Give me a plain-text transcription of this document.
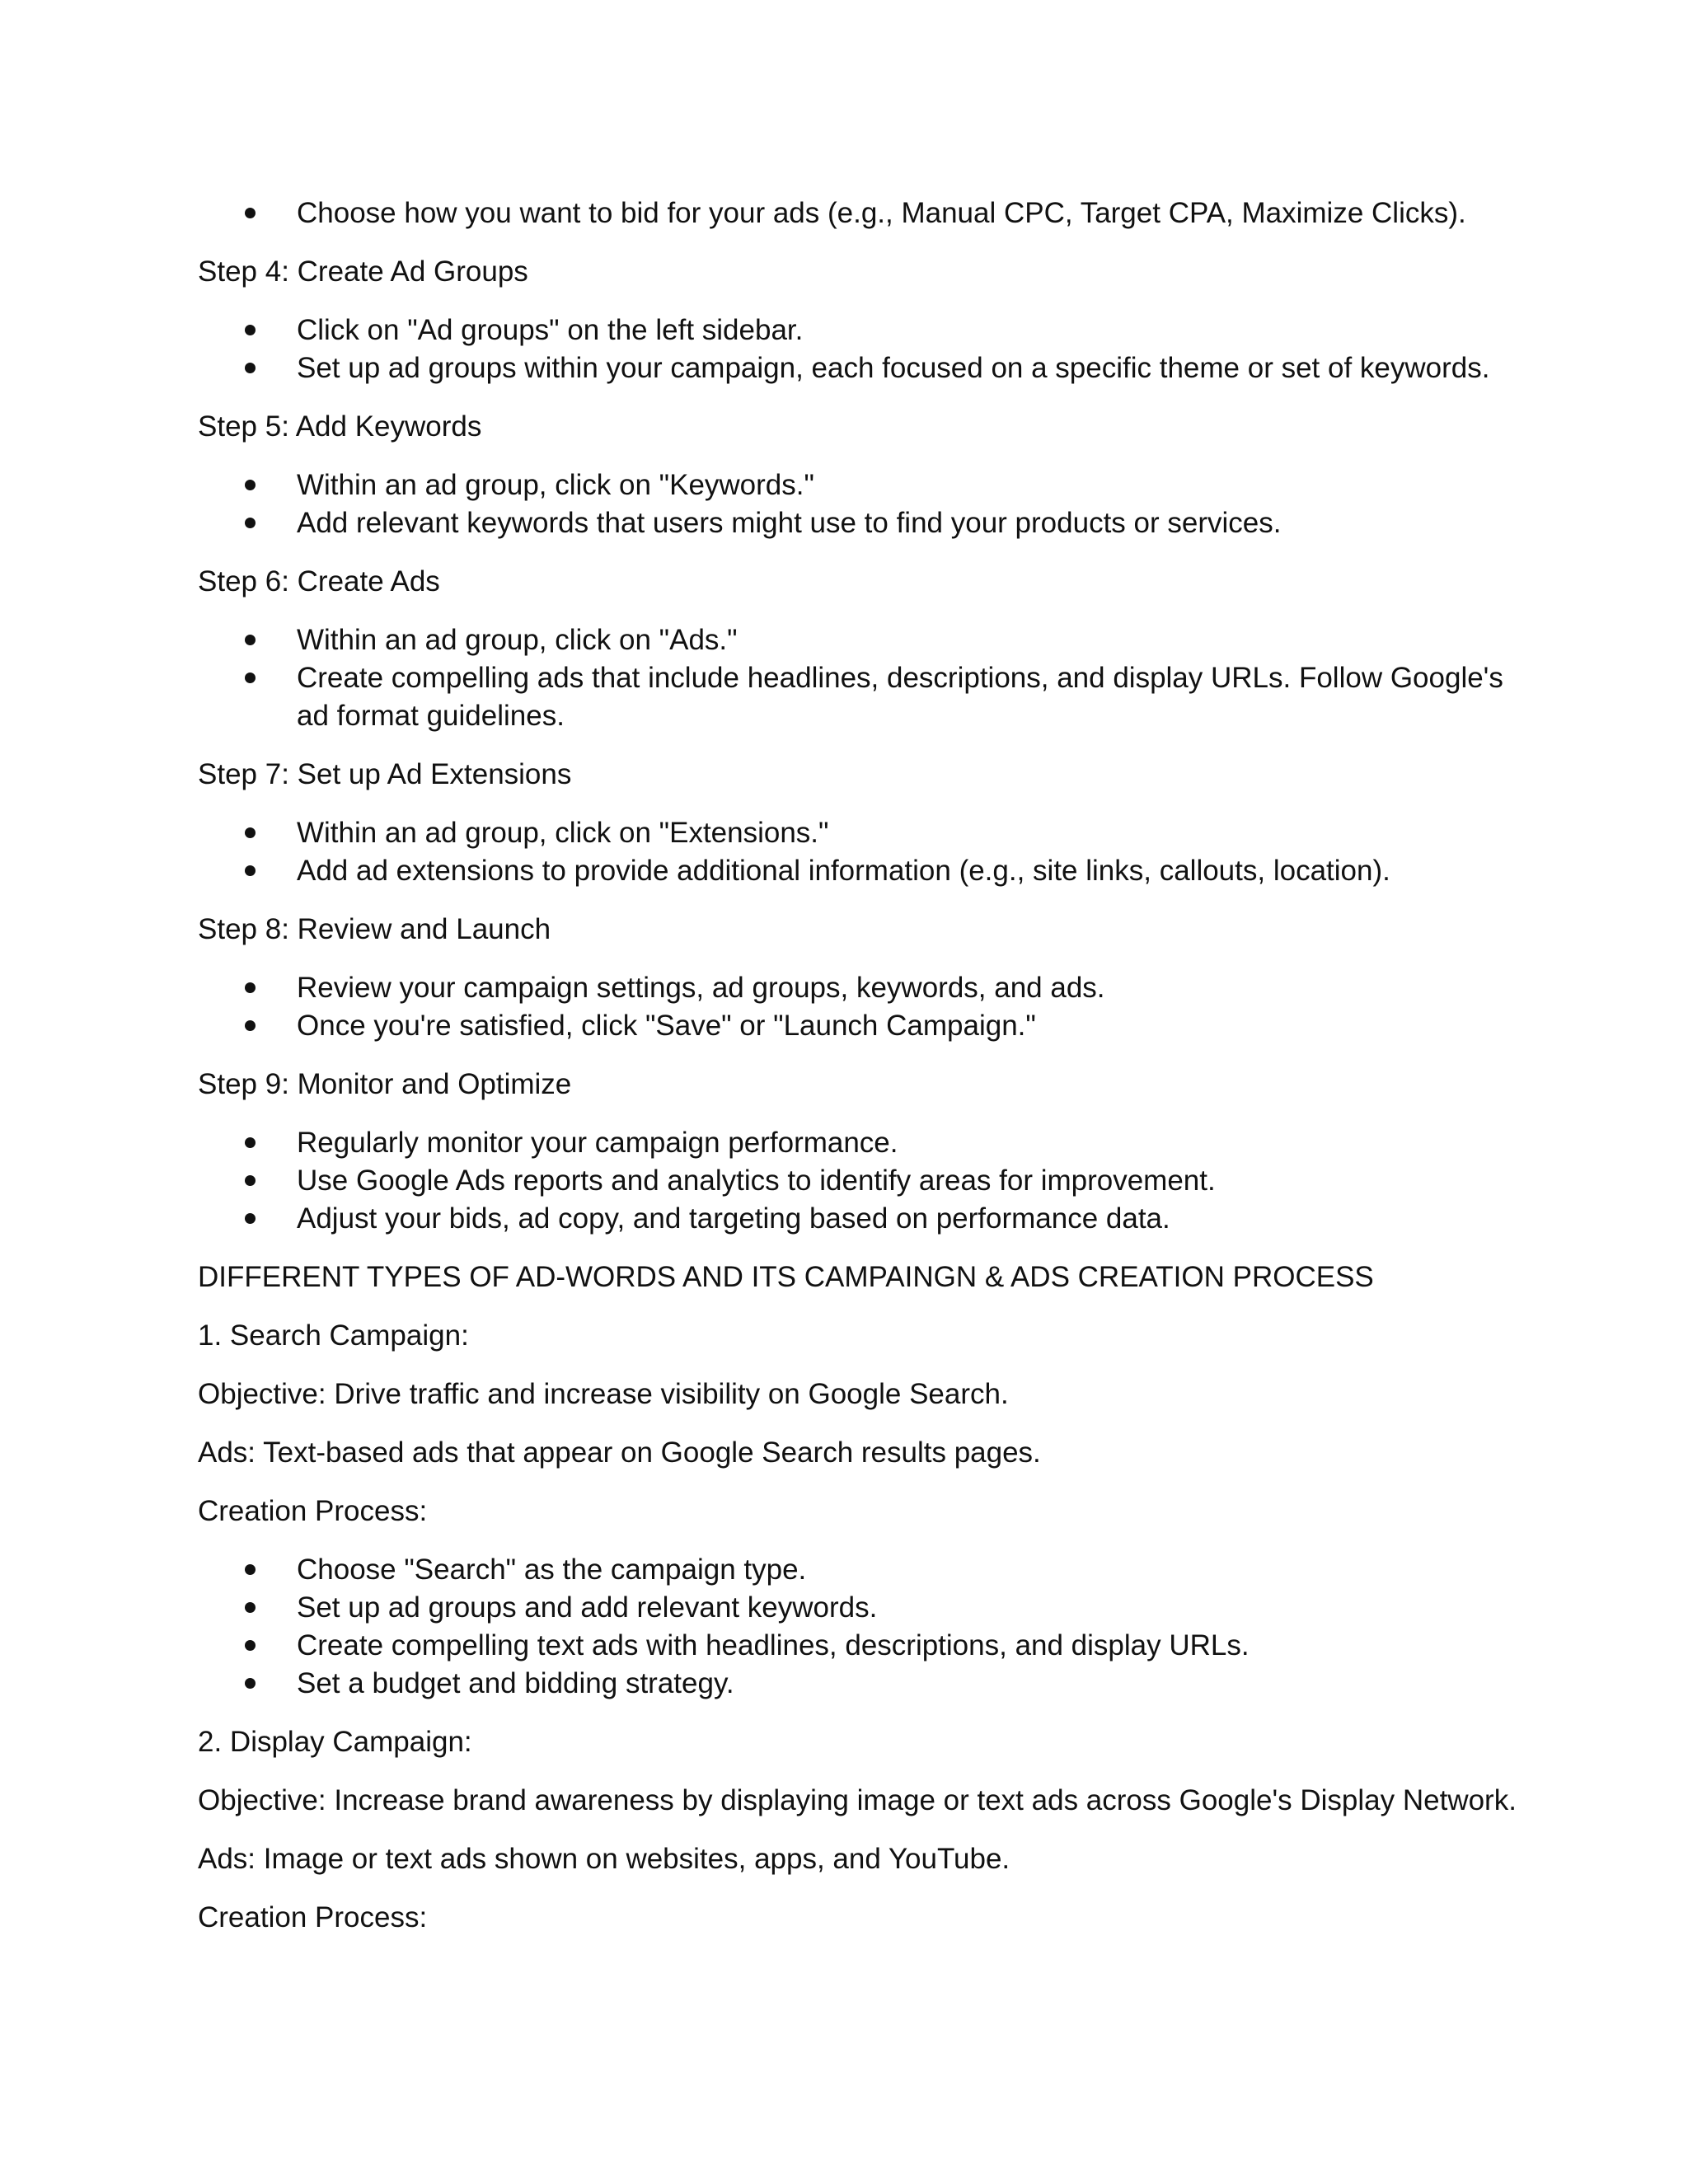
Choose how you want to bid for your ads (e.g., Manual CPC, Target CPA, Maximize Clicks).

Step 4: Create Ad Groups

Click on "Ad groups" on the left sidebar.
Set up ad groups within your campaign, each focused on a specific theme or set of keywords.

Step 5: Add Keywords

Within an ad group, click on "Keywords."
Add relevant keywords that users might use to find your products or services.

Step 6: Create Ads

Within an ad group, click on "Ads."
Create compelling ads that include headlines, descriptions, and display URLs. Follow Google's ad format guidelines.

Step 7: Set up Ad Extensions

Within an ad group, click on "Extensions."
Add ad extensions to provide additional information (e.g., site links, callouts, location).

Step 8: Review and Launch

Review your campaign settings, ad groups, keywords, and ads.
Once you're satisfied, click "Save" or "Launch Campaign."

Step 9: Monitor and Optimize

Regularly monitor your campaign performance.
Use Google Ads reports and analytics to identify areas for improvement.
Adjust your bids, ad copy, and targeting based on performance data.

DIFFERENT TYPES OF AD-WORDS AND ITS CAMPAINGN & ADS CREATION PROCESS

1. Search Campaign:

Objective: Drive traffic and increase visibility on Google Search.

Ads: Text-based ads that appear on Google Search results pages.

Creation Process:

Choose "Search" as the campaign type.
Set up ad groups and add relevant keywords.
Create compelling text ads with headlines, descriptions, and display URLs.
Set a budget and bidding strategy.

2. Display Campaign:

Objective: Increase brand awareness by displaying image or text ads across Google's Display Network.

Ads: Image or text ads shown on websites, apps, and YouTube.

Creation Process:
